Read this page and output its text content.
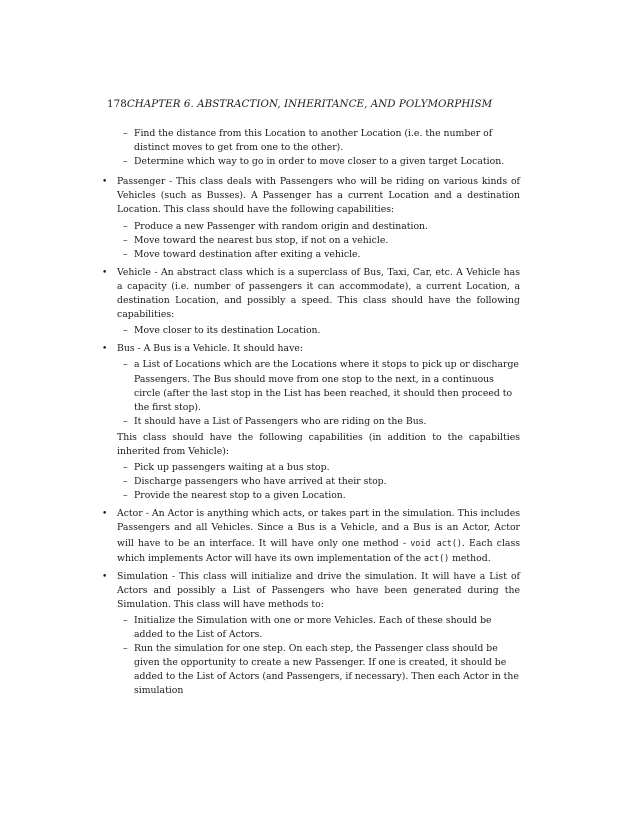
178CHAPTER 6. ABSTRACTION, INHERITANCE, AND POLYMORPHISM
– Find the distance from this Location to another Location (i.e. the number of distinct moves to get from one to the other).
– Determine which way to go in order to move closer to a given target Location.

• Passenger - This class deals with Passengers who will be riding on various kinds of Vehicles (such as Busses). A Passenger has a current Location and a destination Location. This class should have the following capabilities:

– Produce a new Passenger with random origin and destination.
– Move toward the nearest bus stop, if not on a vehicle.
– Move toward destination after exiting a vehicle.

• Vehicle - An abstract class which is a superclass of Bus, Taxi, Car, etc. A Vehicle has a capacity (i.e. number of passengers it can accommodate), a current Location, a destination Location, and possibly a speed. This class should have the following capabilities:

– Move closer to its destination Location.

• Bus - A Bus is a Vehicle. It should have:

– a List of Locations which are the Locations where it stops to pick up or discharge Passengers. The Bus should move from one stop to the next, in a continuous circle (after the last stop in the List has been reached, it should then proceed to the first stop).
– It should have a List of Passengers who are riding on the Bus.

This class should have the following capabilities (in addition to the capabilties inherited from Vehicle):

– Pick up passengers waiting at a bus stop.
– Discharge passengers who have arrived at their stop.
– Provide the nearest stop to a given Location.

• Actor - An Actor is anything which acts, or takes part in the simulation. This includes Passengers and all Vehicles. Since a Bus is a Vehicle, and a Bus is an Actor, Actor will have to be an interface. It will have only one method - void act(). Each class which implements Actor will have its own implementation of the act() method.

• Simulation - This class will initialize and drive the simulation. It will have a List of Actors and possibly a List of Passengers who have been generated during the Simulation. This class will have methods to:

– Initialize the Simulation with one or more Vehicles. Each of these should be added to the List of Actors.
– Run the simulation for one step. On each step, the Passenger class should be given the opportunity to create a new Passenger. If one is created, it should be added to the List of Actors (and Passengers, if necessary). Then each Actor in the simulation
